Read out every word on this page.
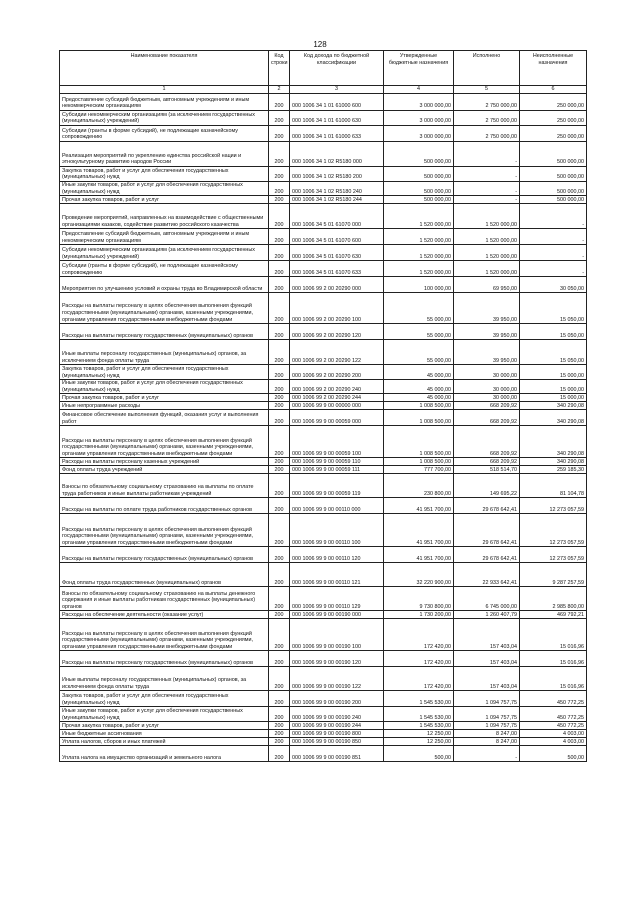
128
Наименование показателя	Код строки	Код дохода по бюджетной классификации	Утвержденные бюджетные назначения	Исполнено	Неисполненные назначения
1	2	3	4	5	6
Предоставление субсидий бюджетным, автономным учреждениям и иным некоммерческим организациям	200	000 1006 34 1 01 61000 600	3 000 000,00	2 750 000,00	250 000,00
Субсидии некоммерческим организациям (за исключением государственных (муниципальных) учреждений)	200	000 1006 34 1 01 61000 630	3 000 000,00	2 750 000,00	250 000,00
Субсидии (гранты в форме субсидий), не подлежащие казначейскому сопровождению	200	000 1006 34 1 01 61000 633	3 000 000,00	2 750 000,00	250 000,00
Реализация мероприятий по укреплению единства российской нации и этнокультурному развитию народов России	200	000 1006 34 1 02 R5180 000	500 000,00	-	500 000,00
Закупка товаров, работ и услуг для обеспечения государственных (муниципальных) нужд	200	000 1006 34 1 02 R5180 200	500 000,00	-	500 000,00
Иные закупки товаров, работ и услуг для обеспечения государственных (муниципальных) нужд	200	000 1006 34 1 02 R5180 240	500 000,00	-	500 000,00
Прочая закупка товаров, работ и услуг	200	000 1006 34 1 02 R5180 244	500 000,00	-	500 000,00
Проведение мероприятий, направленных на взаимодействие с общественными организациями казаков, содействие развитию российского казачества	200	000 1006 34 5 01 61070 000	1 520 000,00	1 520 000,00	-
Предоставление субсидий бюджетным, автономным учреждениям и иным некоммерческим организациям	200	000 1006 34 5 01 61070 600	1 520 000,00	1 520 000,00	-
Субсидии некоммерческим организациям (за исключением государственных (муниципальных) учреждений)	200	000 1006 34 5 01 61070 630	1 520 000,00	1 520 000,00	-
Субсидии (гранты в форме субсидий), не подлежащие казначейскому сопровождению	200	000 1006 34 5 01 61070 633	1 520 000,00	1 520 000,00	-
Мероприятия по улучшению условий и охраны труда во Владимирской области	200	000 1006 99 2 00 20290 000	100 000,00	69 950,00	30 050,00
Расходы на выплаты персоналу в целях обеспечения выполнения функций государственными (муниципальными) органами, казенными учреждениями, органами управления государственными внебюджетными фондами	200	000 1006 99 2 00 20290 100	55 000,00	39 950,00	15 050,00
Расходы на выплаты персоналу государственных (муниципальных) органов	200	000 1006 99 2 00 20290 120	55 000,00	39 950,00	15 050,00
Иные выплаты персоналу государственных (муниципальных) органов, за исключением фонда оплаты труда	200	000 1006 99 2 00 20290 122	55 000,00	39 950,00	15 050,00
Закупка товаров, работ и услуг для обеспечения государственных (муниципальных) нужд	200	000 1006 99 2 00 20290 200	45 000,00	30 000,00	15 000,00
Иные закупки товаров, работ и услуг для обеспечения государственных (муниципальных) нужд	200	000 1006 99 2 00 20290 240	45 000,00	30 000,00	15 000,00
Прочая закупка товаров, работ и услуг	200	000 1006 99 2 00 20290 244	45 000,00	30 000,00	15 000,00
Иные непрограммные расходы	200	000 1006 99 9 00 00000 000	1 008 500,00	668 209,92	340 290,08
Финансовое обеспечение выполнения функций, оказания услуг и выполнения работ	200	000 1006 99 9 00 00059 000	1 008 500,00	668 209,92	340 290,08
Расходы на выплаты персоналу в целях обеспечения выполнения функций государственными (муниципальными) органами, казенными учреждениями, органами управления государственными внебюджетными фондами	200	000 1006 99 9 00 00059 100	1 008 500,00	668 209,92	340 290,08
Расходы на выплаты персоналу казенных учреждений	200	000 1006 99 9 00 00059 110	1 008 500,00	668 209,92	340 290,08
Фонд оплаты труда учреждений	200	000 1006 99 9 00 00059 111	777 700,00	518 514,70	259 185,30
Взносы по обязательному социальному страхованию на выплаты по оплате труда работников и иные выплаты работникам учреждений	200	000 1006 99 9 00 00059 119	230 800,00	149 695,22	81 104,78
Расходы на выплаты по оплате труда работников государственных органов	200	000 1006 99 9 00 00110 000	41 951 700,00	29 678 642,41	12 273 057,59
Расходы на выплаты персоналу в целях обеспечения выполнения функций государственными (муниципальными) органами, казенными учреждениями, органами управления государственными внебюджетными фондами	200	000 1006 99 9 00 00110 100	41 951 700,00	29 678 642,41	12 273 057,59
Расходы на выплаты персоналу государственных (муниципальных) органов	200	000 1006 99 9 00 00110 120	41 951 700,00	29 678 642,41	12 273 057,59
Фонд оплаты труда государственных (муниципальных) органов	200	000 1006 99 9 00 00110 121	32 220 900,00	22 933 642,41	9 287 257,59
Взносы по обязательному социальному страхованию на выплаты денежного содержания и иные выплаты работникам государственных (муниципальных) органов	200	000 1006 99 9 00 00110 129	9 730 800,00	6 745 000,00	2 985 800,00
Расходы на обеспечение деятельности (оказание услуг)	200	000 1006 99 9 00 00190 000	1 730 200,00	1 260 407,79	469 792,21
Расходы на выплаты персоналу в целях обеспечения выполнения функций государственными (муниципальными) органами, казенными учреждениями, органами управления государственными внебюджетными фондами	200	000 1006 99 9 00 00190 100	172 420,00	157 403,04	15 016,96
Расходы на выплаты персоналу государственных (муниципальных) органов	200	000 1006 99 9 00 00190 120	172 420,00	157 403,04	15 016,96
Иные выплаты персоналу государственных (муниципальных) органов, за исключением фонда оплаты труда	200	000 1006 99 9 00 00190 122	172 420,00	157 403,04	15 016,96
Закупка товаров, работ и услуг для обеспечения государственных (муниципальных) нужд	200	000 1006 99 9 00 00190 200	1 545 530,00	1 094 757,75	450 772,25
Иные закупки товаров, работ и услуг для обеспечения государственных (муниципальных) нужд	200	000 1006 99 9 00 00190 240	1 545 530,00	1 094 757,75	450 772,25
Прочая закупка товаров, работ и услуг	200	000 1006 99 9 00 00190 244	1 545 530,00	1 094 757,75	450 772,25
Иные бюджетные ассигнования	200	000 1006 99 9 00 00190 800	12 250,00	8 247,00	4 003,00
Уплата налогов, сборов и иных платежей	200	000 1006 99 9 00 00190 850	12 250,00	8 247,00	4 003,00
Уплата налога на имущество организаций и земельного налога	200	000 1006 99 9 00 00190 851	500,00	-	500,00
